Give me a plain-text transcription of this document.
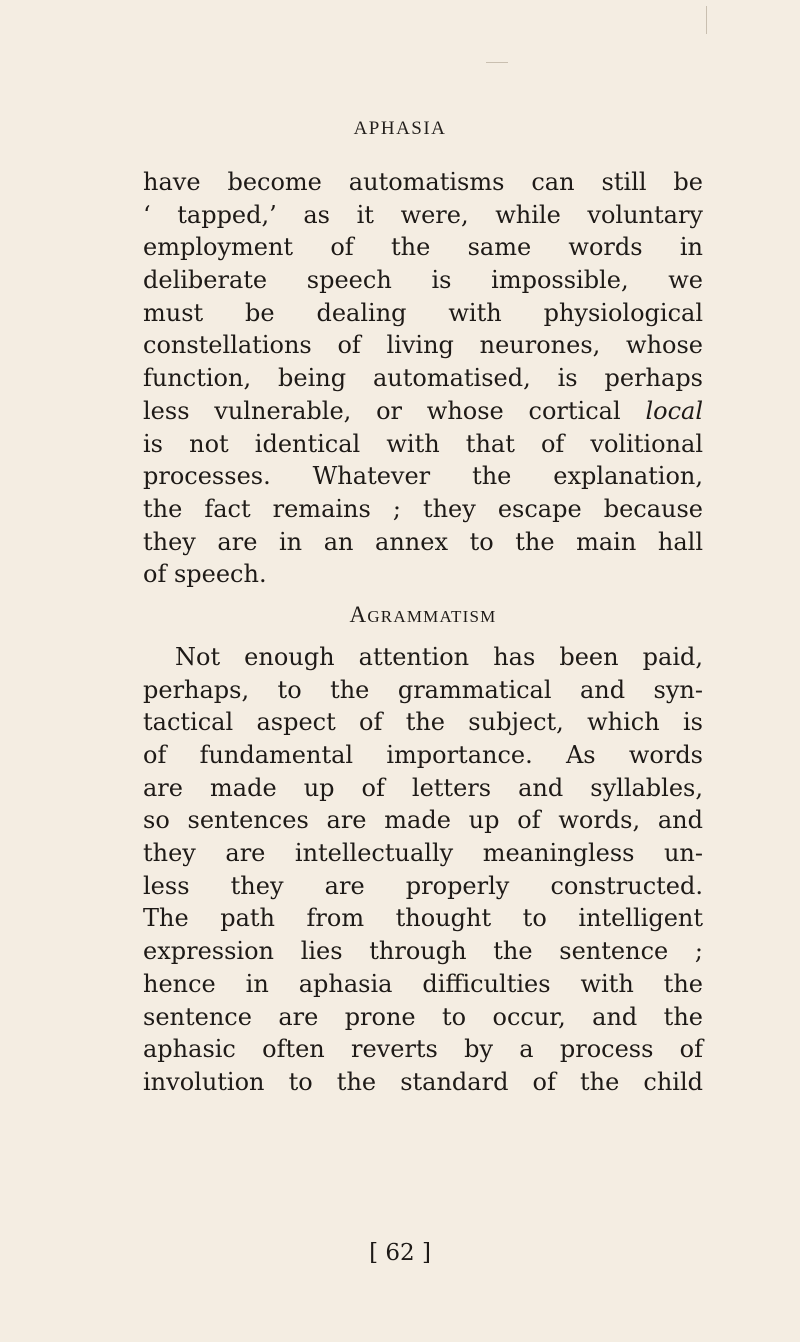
APHASIA
have become automatisms can still be
‘ tapped,’ as it were, while voluntary
employment of the same words in
deliberate speech is impossible, we
must be dealing with physiological
constellations of living neurones, whose
function, being automatised, is perhaps
less vulnerable, or whose cortical local
is not identical with that of volitional
processes. Whatever the explanation,
the fact remains ; they escape because
they are in an annex to the main hall
of speech.
AGRAMMATISM
Not enough attention has been paid,
perhaps, to the grammatical and syn-
tactical aspect of the subject, which is
of fundamental importance. As words
are made up of letters and syllables,
so sentences are made up of words, and
they are intellectually meaningless un-
less they are properly constructed.
The path from thought to intelligent
expression lies through the sentence ;
hence in aphasia difficulties with the
sentence are prone to occur, and the
aphasic often reverts by a process of
involution to the standard of the child
[ 62 ]
